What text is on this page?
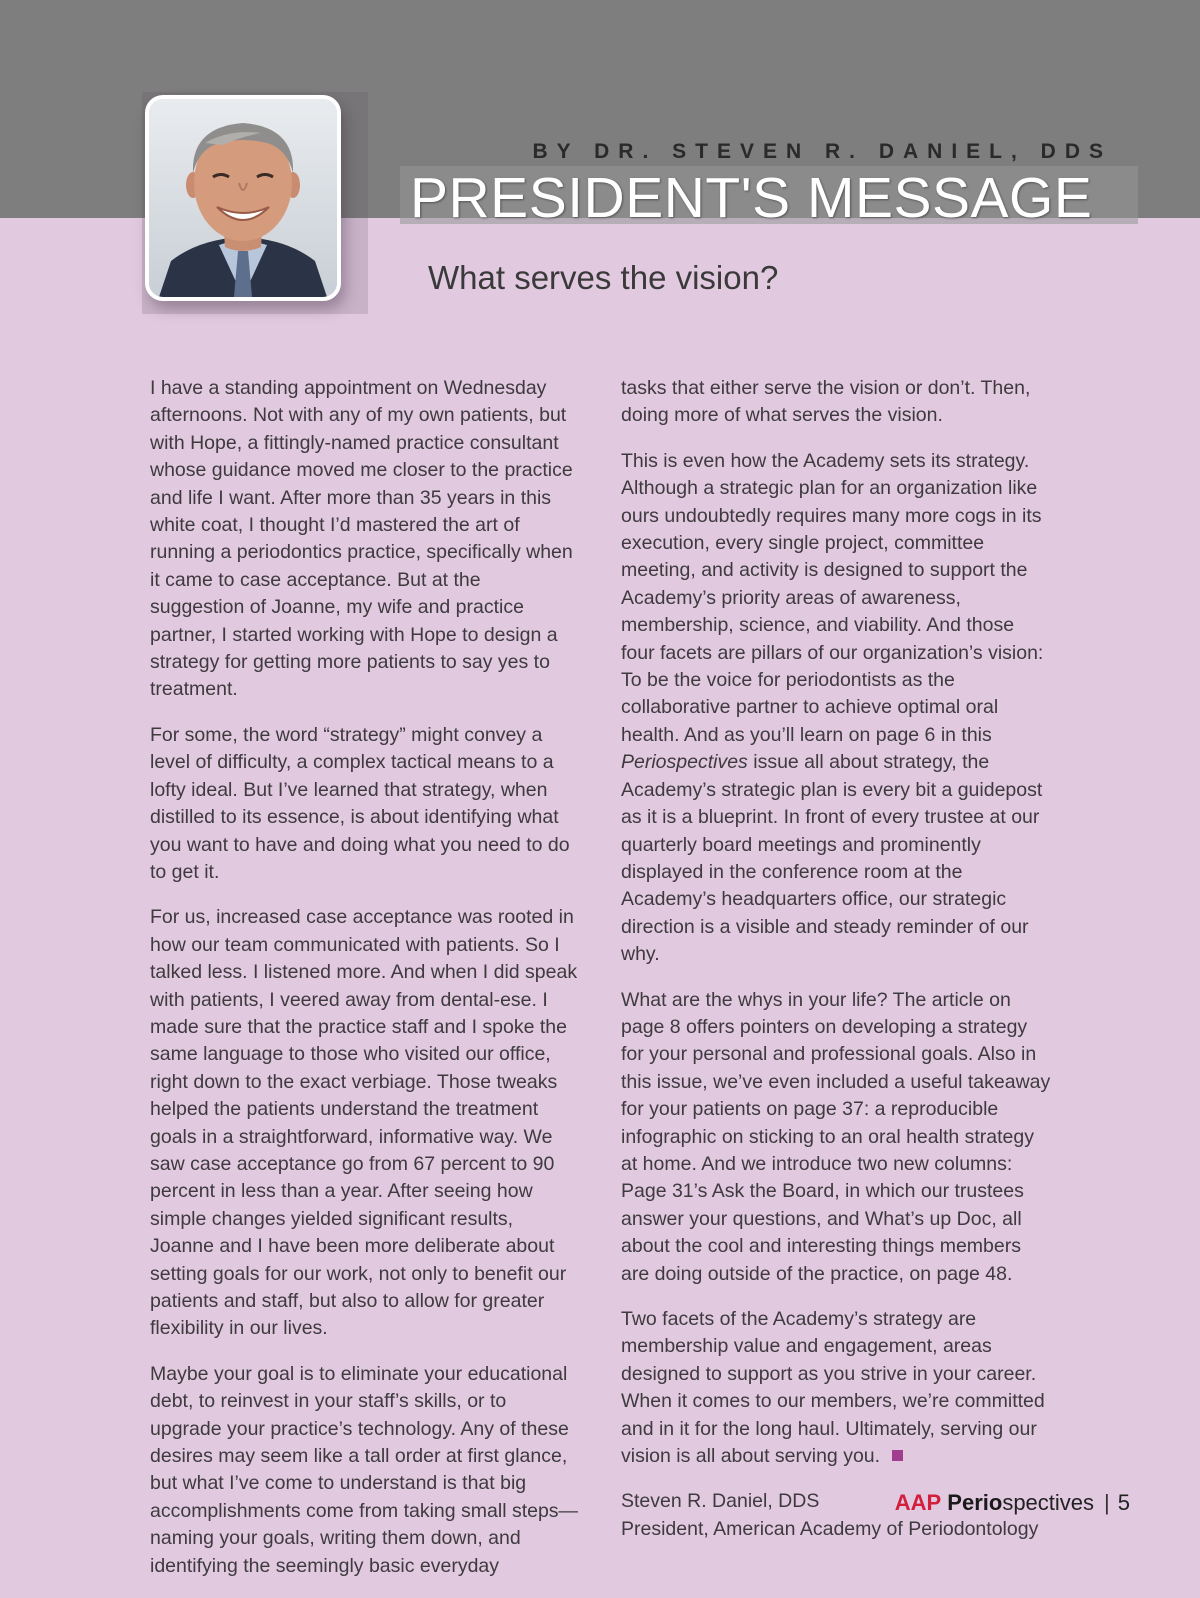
BY DR. STEVEN R. DANIEL, DDS
PRESIDENT'S MESSAGE
What serves the vision?

I have a standing appointment on Wednesday afternoons. Not with any of my own patients, but with Hope, a fittingly-named practice consultant whose guidance moved me closer to the practice and life I want. After more than 35 years in this white coat, I thought I’d mastered the art of running a periodontics practice, specifically when it came to case acceptance. But at the suggestion of Joanne, my wife and practice partner, I started working with Hope to design a strategy for getting more patients to say yes to treatment.

For some, the word “strategy” might convey a level of difficulty, a complex tactical means to a lofty ideal. But I’ve learned that strategy, when distilled to its essence, is about identifying what you want to have and doing what you need to do to get it.

For us, increased case acceptance was rooted in how our team communicated with patients. So I talked less. I listened more. And when I did speak with patients, I veered away from dental-ese. I made sure that the practice staff and I spoke the same language to those who visited our office, right down to the exact verbiage. Those tweaks helped the patients understand the treatment goals in a straightforward, informative way. We saw case acceptance go from 67 percent to 90 percent in less than a year. After seeing how simple changes yielded significant results, Joanne and I have been more deliberate about setting goals for our work, not only to benefit our patients and staff, but also to allow for greater flexibility in our lives.

Maybe your goal is to eliminate your educational debt, to reinvest in your staff’s skills, or to upgrade your practice’s technology. Any of these desires may seem like a tall order at first glance, but what I’ve come to understand is that big accomplishments come from taking small steps—naming your goals, writing them down, and identifying the seemingly basic everyday

tasks that either serve the vision or don’t. Then, doing more of what serves the vision.

This is even how the Academy sets its strategy. Although a strategic plan for an organization like ours undoubtedly requires many more cogs in its execution, every single project, committee meeting, and activity is designed to support the Academy’s priority areas of awareness, membership, science, and viability. And those four facets are pillars of our organization’s vision: To be the voice for periodontists as the collaborative partner to achieve optimal oral health. And as you’ll learn on page 6 in this Periospectives issue all about strategy, the Academy’s strategic plan is every bit a guidepost as it is a blueprint. In front of every trustee at our quarterly board meetings and prominently displayed in the conference room at the Academy’s headquarters office, our strategic direction is a visible and steady reminder of our why.

What are the whys in your life? The article on page 8 offers pointers on developing a strategy for your personal and professional goals. Also in this issue, we’ve even included a useful takeaway for your patients on page 37: a reproducible infographic on sticking to an oral health strategy at home. And we introduce two new columns: Page 31’s Ask the Board, in which our trustees answer your questions, and What’s up Doc, all about the cool and interesting things members are doing outside of the practice, on page 48.

Two facets of the Academy’s strategy are membership value and engagement, areas designed to support as you strive in your career. When it comes to our members, we’re committed and in it for the long haul. Ultimately, serving our vision is all about serving you.

Steven R. Daniel, DDS

President, American Academy of Periodontology

AAP Periospectives | 5
